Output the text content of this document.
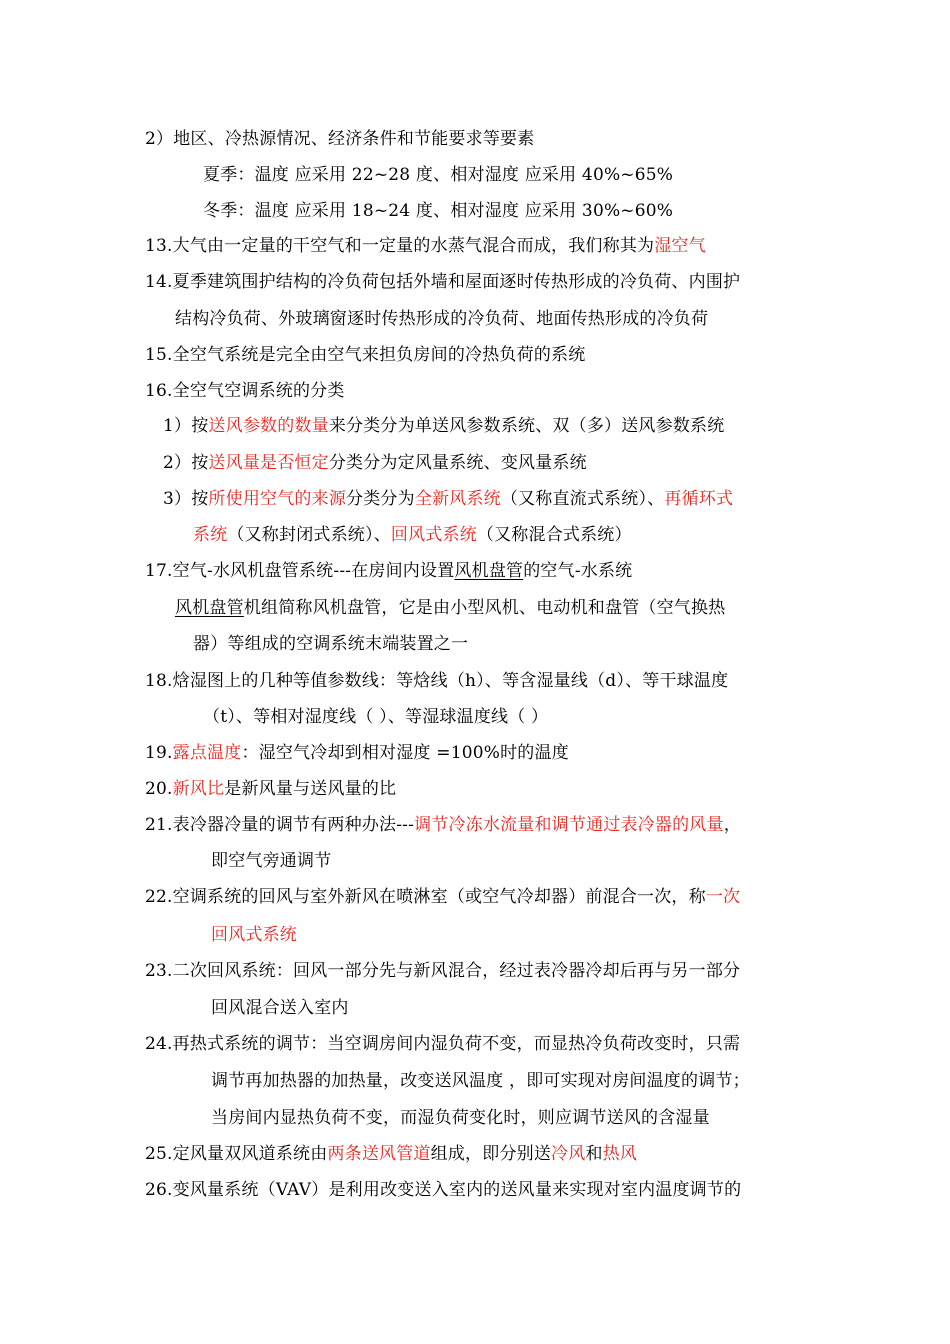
2）地区、冷热源情况、经济条件和节能要求等要素
夏季：温度 应采用 22~28 度、相对湿度 应采用 40%~65%
冬季：温度 应采用 18~24 度、相对湿度 应采用 30%~60%
13.大气由一定量的干空气和一定量的水蒸气混合而成，我们称其为湿空气
14.夏季建筑围护结构的冷负荷包括外墙和屋面逐时传热形成的冷负荷、内围护
结构冷负荷、外玻璃窗逐时传热形成的冷负荷、地面传热形成的冷负荷
15.全空气系统是完全由空气来担负房间的冷热负荷的系统
16.全空气空调系统的分类
1）按送风参数的数量来分类分为单送风参数系统、双（多）送风参数系统
2）按送风量是否恒定分类分为定风量系统、变风量系统
3）按所使用空气的来源分类分为全新风系统（又称直流式系统）、再循环式
系统（又称封闭式系统）、回风式系统（又称混合式系统）
17.空气-水风机盘管系统---在房间内设置风机盘管的空气-水系统
风机盘管机组简称风机盘管，它是由小型风机、电动机和盘管（空气换热
器）等组成的空调系统末端装置之一
18.焓湿图上的几种等值参数线：等焓线（h）、等含湿量线（d）、等干球温度
（t）、等相对湿度线（ ）、等湿球温度线（ ）
19.露点温度：湿空气冷却到相对湿度 =100%时的温度
20.新风比是新风量与送风量的比
21.表冷器冷量的调节有两种办法---调节冷冻水流量和调节通过表冷器的风量，
即空气旁通调节
22.空调系统的回风与室外新风在喷淋室（或空气冷却器）前混合一次，称一次
回风式系统
23.二次回风系统：回风一部分先与新风混合，经过表冷器冷却后再与另一部分
回风混合送入室内
24.再热式系统的调节：当空调房间内湿负荷不变，而显热冷负荷改变时，只需
调节再加热器的加热量，改变送风温度 ，即可实现对房间温度的调节；
当房间内显热负荷不变，而湿负荷变化时，则应调节送风的含湿量
25.定风量双风道系统由两条送风管道组成，即分别送冷风和热风
26.变风量系统（VAV）是利用改变送入室内的送风量来实现对室内温度调节的
